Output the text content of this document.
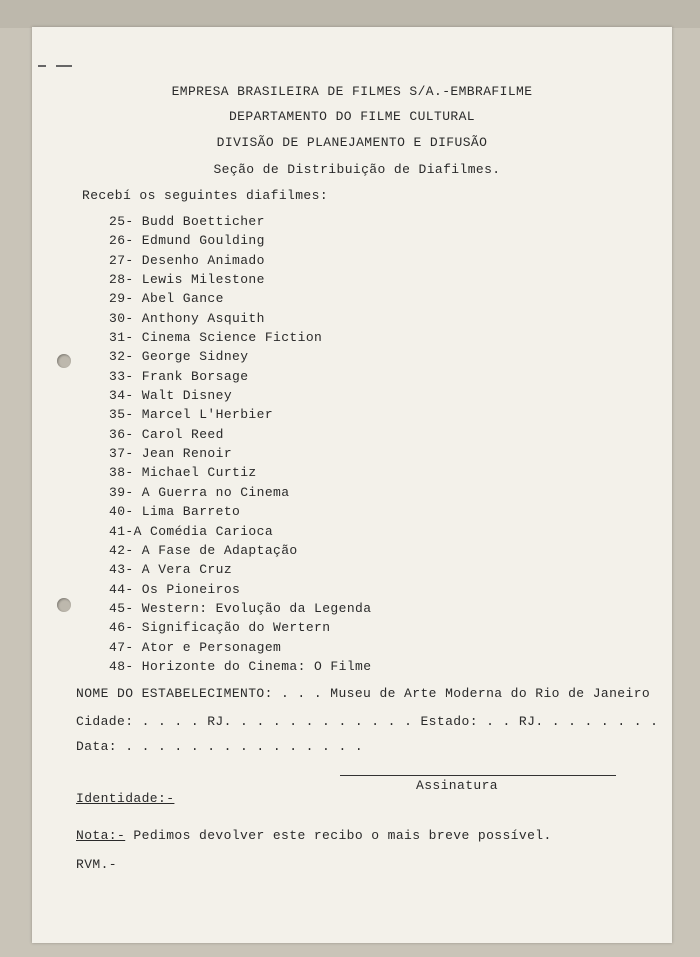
EMPRESA BRASILEIRA DE FILMES S/A.-EMBRAFILME
DEPARTAMENTO DO FILME CULTURAL
DIVISÃO DE PLANEJAMENTO E DIFUSÃO
Seção de Distribuição de Diafilmes.
Recebí os seguintes diafilmes:
25- Budd Boetticher
26- Edmund Goulding
27- Desenho Animado
28- Lewis Milestone
29- Abel Gance
30- Anthony Asquith
31- Cinema Science Fiction
32- George Sidney
33- Frank Borsage
34- Walt Disney
35- Marcel L'Herbier
36- Carol Reed
37- Jean Renoir
38- Michael Curtiz
39- A Guerra no Cinema
40- Lima Barreto
41-A Comédia Carioca
42- A Fase de Adaptação
43- A Vera Cruz
44- Os Pioneiros
45- Western: Evolução da Legenda
46- Significação do Wertern
47- Ator e Personagem
48- Horizonte do Cinema: O Filme
NOME DO ESTABELECIMENTO: . . . Museu de Arte Moderna do Rio de Janeiro
Cidade: . . . . RJ. . . . . . . . . . . . Estado: . . RJ. . . . . . . .
Data: . . . . . . . . . . . . . . .
Assinatura
Identidade:-
Nota:- Pedimos devolver este recibo o mais breve possível.
RVM.-
